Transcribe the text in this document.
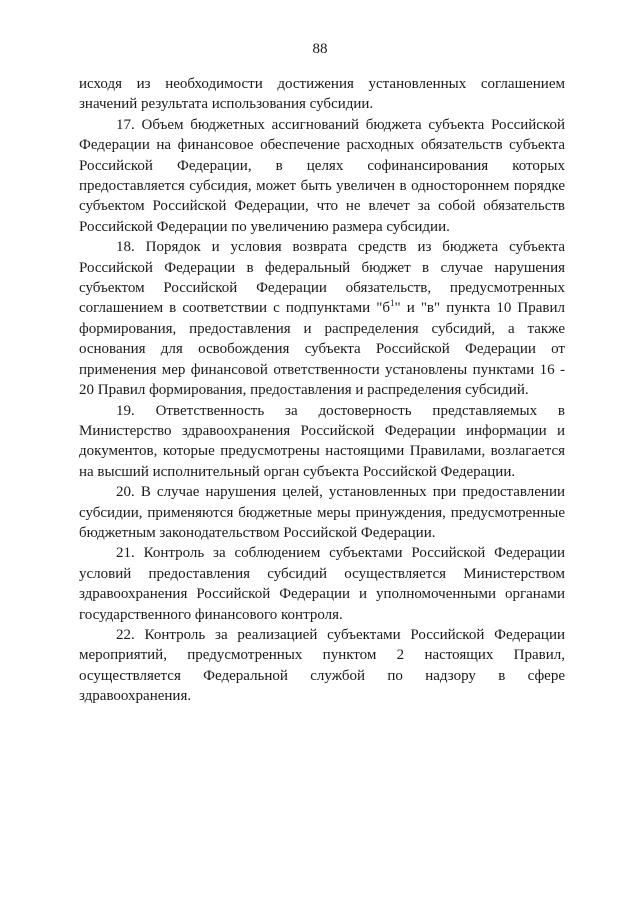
88

исходя из необходимости достижения установленных соглашением значений результата использования субсидии.

17. Объем бюджетных ассигнований бюджета субъекта Российской Федерации на финансовое обеспечение расходных обязательств субъекта Российской Федерации, в целях софинансирования которых предоставляется субсидия, может быть увеличен в одностороннем порядке субъектом Российской Федерации, что не влечет за собой обязательств Российской Федерации по увеличению размера субсидии.

18. Порядок и условия возврата средств из бюджета субъекта Российской Федерации в федеральный бюджет в случае нарушения субъектом Российской Федерации обязательств, предусмотренных соглашением в соответствии с подпунктами "$б^1$" и "в" пункта 10 Правил формирования, предоставления и распределения субсидий, а также основания для освобождения субъекта Российской Федерации от применения мер финансовой ответственности установлены пунктами 16 - 20 Правил формирования, предоставления и распределения субсидий.

19. Ответственность за достоверность представляемых в Министерство здравоохранения Российской Федерации информации и документов, которые предусмотрены настоящими Правилами, возлагается на высший исполнительный орган субъекта Российской Федерации.

20. В случае нарушения целей, установленных при предоставлении субсидии, применяются бюджетные меры принуждения, предусмотренные бюджетным законодательством Российской Федерации.

21. Контроль за соблюдением субъектами Российской Федерации условий предоставления субсидий осуществляется Министерством здравоохранения Российской Федерации и уполномоченными органами государственного финансового контроля.

22. Контроль за реализацией субъектами Российской Федерации мероприятий, предусмотренных пунктом 2 настоящих Правил, осуществляется Федеральной службой по надзору в сфере здравоохранения.
